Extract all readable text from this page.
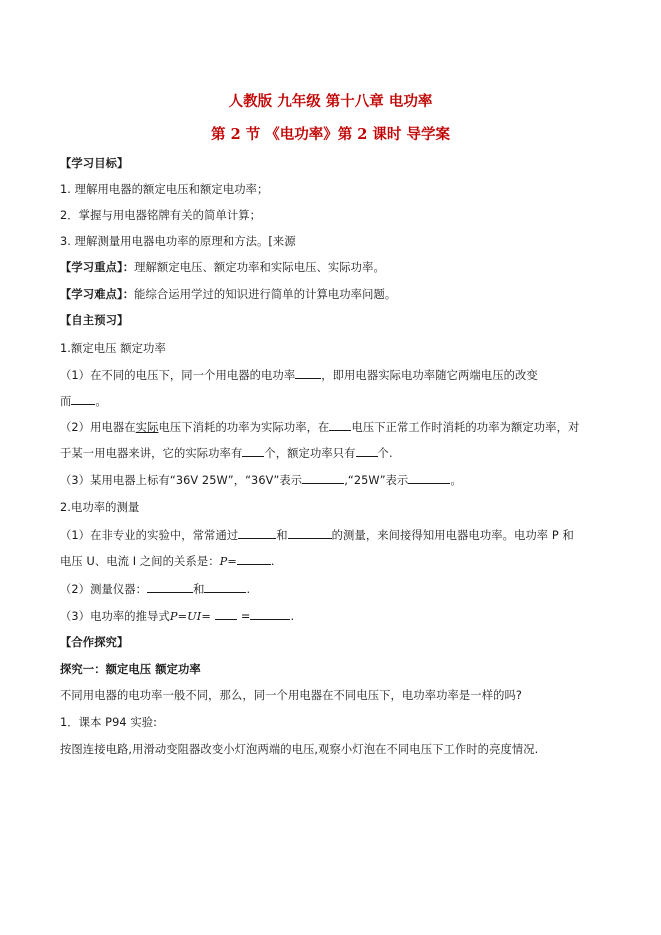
人教版 九年级 第十八章 电功率
第 2 节 《电功率》第 2 课时 导学案
【学习目标】
1. 理解用电器的额定电压和额定电功率；
2．掌握与用电器铭牌有关的简单计算；
3. 理解测量用电器电功率的原理和方法。[来源
【学习重点】：理解额定电压、额定功率和实际电压、实际功率。
【学习难点】：能综合运用学过的知识进行简单的计算电功率问题。
【自主预习】
1.额定电压 额定功率
（1）在不同的电压下，同一个用电器的电功率 ，即用电器实际电功率随它两端电压的改变
而 。
（2）用电器在实际电压下消耗的功率为实际功率，在 电压下正常工作时消耗的功率为额定功率，对
于某一用电器来讲，它的实际功率有 个，额定功率只有 个.
（3）某用电器上标有“36V 25W”，“36V”表示	,“25W”表示	。
2.电功率的测量
（1）在非专业的实验中，常常通过	和	的测量，来间接得知用电器电功率。电功率 P 和
电压 U、电流 I 之间的关系是：P=	.
（2）测量仪器：	和	.
（3）电功率的推导式P=UI=	=	.
【合作探究】
探究一：额定电压 额定功率
不同用电器的电功率一般不同，那么，同一个用电器在不同电压下，电功率功率是一样的吗?
1．课本 P94 实验:
按图连接电路,用滑动变阻器改变小灯泡两端的电压,观察小灯泡在不同电压下工作时的亮度情况.
